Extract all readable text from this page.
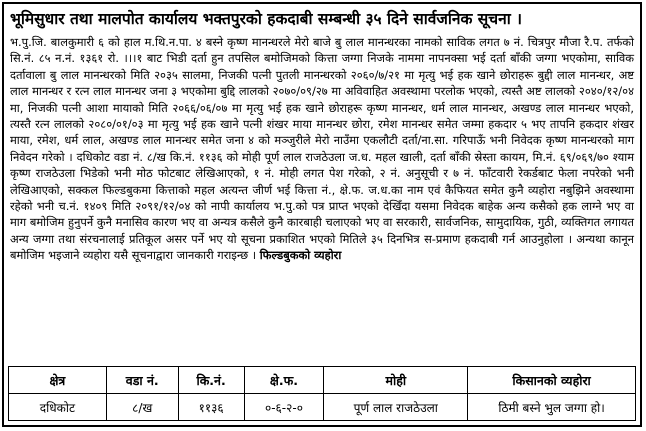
भूमिसुधार तथा मालपोत कार्यालय भक्तपुरको हकदाबी सम्बन्धी ३५ दिने सार्वजनिक सूचना ।
भ.पु.जि. बालकुमारी ६ को हाल म.थि.न.पा. ४ बस्ने कृष्ण मानन्धरले मेरो बाजे बु लाल मानन्धरका नामको साविक लगत ७ नं. चित्रपुर मौजा रै.प. तर्फको सि.नं. ८५ न.नं. १३६१ रो. ।।।१ बाट भिडी दर्ता हुन तपसिल बमोजिमको कित्ता जग्गा निजके नाममा नापनक्सा भई दर्ता बाँकी जग्गा भएकोमा, साविक दर्तावाला बु लाल मानन्धरको मिति २०३५ सालमा, निजकी पत्नी पुतली मानन्धरको २०६०/७/२१ मा मृत्यु भई हक खाने छोराहरू बुद्दी लाल मानन्धर, अष्ट लाल मानन्धर र रत्न लाल मानन्धर जना ३ भएकोमा बुद्दि लालको २०७०/०९/२७ मा अविवाहित अवस्थामा परलोक भएको, त्यस्तै अष्ट लालको २०४०/१२/०४ मा, निजकी पत्नी आशा मायाको मिति २०६६/०६/०७ मा मृत्यु भई हक खाने छोराहरू कृष्ण मानन्धर, धर्म लाल मानन्धर, अखण्ड लाल मानन्धर भएको, त्यस्तै रत्न लालको २०८०/०१/०३ मा मृत्यु भई हक खाने पत्नी शंखर माया मानन्धर छोरा, रमेश मानन्धर समेत जम्मा हकदार ५ भए तापनि हकदार शंखर माया, रमेश, धर्म लाल, अखण्ड लाल मानन्धर समेत जना ४ को मञ्जुरीले मेरो नाउँमा एकलौटी दर्ता/ना.सा. गरिपाऊँ भनी निवेदक कृष्ण मानन्धरको माग निवेदन गरेको । दधिकोट वडा नं. ८/ख कि.नं. ११३६ को मोही पूर्ण लाल राजठेउला ज.ध. महल खाली, दर्ता बाँकी स्रेस्ता कायम, मि.नं. ६९/०६९/७० श्याम कृष्ण राजठेउला भिडेको भनी मोठ फोटबाट लेखिआएको, १ नं. मोही लगत पेश गरेको, २ नं. अनुसूची र ७ नं. फाँटवारी रेकर्डबाट फेला नपरेको भनी लेखिआएको, सक्कल फिल्डबुकमा कित्ताको महल अत्यन्त जीर्ण भई कित्ता नं., क्षे.फ. ज.ध.का नाम एवं कैफियत समेत कुनै व्यहोरा नबुझिने अवस्थामा रहेको भनी च.नं. १४०९ मिति २०९१/१२/०४ को नापी कार्यालय भ.पु.को पत्र प्राप्त भएको देखिँदा यसमा निवेदक बाहेक अन्य कसैको हक लाग्ने भए वा माग बमोजिम हुनुपर्ने कुनै मनासिव कारण भए वा अन्यत्र कसैले कुनै कारबाही चलाएको भए वा सरकारी, सार्वजनिक, सामुदायिक, गुठी, व्यक्तिगत लगायत अन्य जग्गा तथा संरचनालाई प्रतिकूल असर पर्ने भए यो सूचना प्रकाशित भएको मितिले ३५ दिनभित्र स-प्रमाण हकदाबी गर्न आउनुहोला । अन्यथा कानून बमोजिम भइजाने व्यहोरा यसै सूचनाद्वारा जानकारी गराइन्छ । फिल्डबुकको व्यहोरा
क्षेत्र	वडा नं.	कि.नं.	क्षे.फ.	मोही	किसानको व्यहोरा
दधिकोट	८/ख	११३६	०-६-२-०	पूर्ण लाल राजठेउला	ठिमी बस्ने भुल जग्गा हो।
